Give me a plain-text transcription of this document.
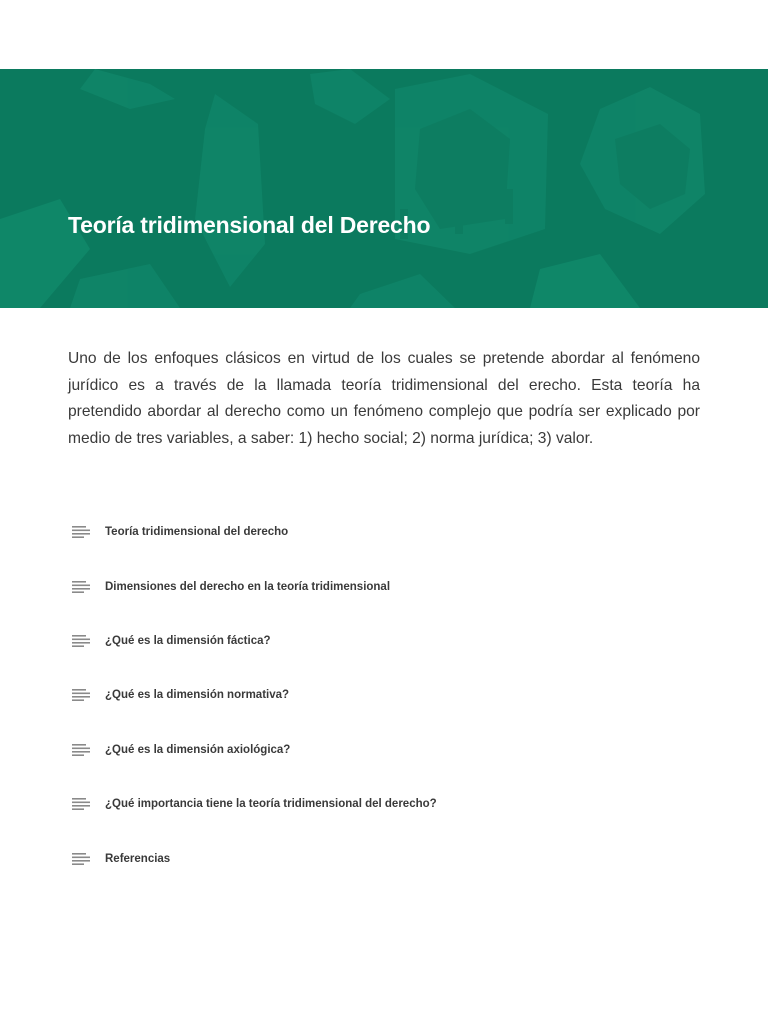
Teoría tridimensional del Derecho

Uno de los enfoques clásicos en virtud de los cuales se pretende abordar al fenómeno jurídico es a través de la llamada teoría tridimensional del erecho. Esta teoría ha pretendido abordar al derecho como un fenómeno complejo que podría ser explicado por medio de tres variables, a saber: 1) hecho social; 2) norma jurídica; 3) valor.

Teoría tridimensional del derecho
Dimensiones del derecho en la teoría tridimensional
¿Qué es la dimensión fáctica?
¿Qué es la dimensión normativa?
¿Qué es la dimensión axiológica?
¿Qué importancia tiene la teoría tridimensional del derecho?
Referencias
